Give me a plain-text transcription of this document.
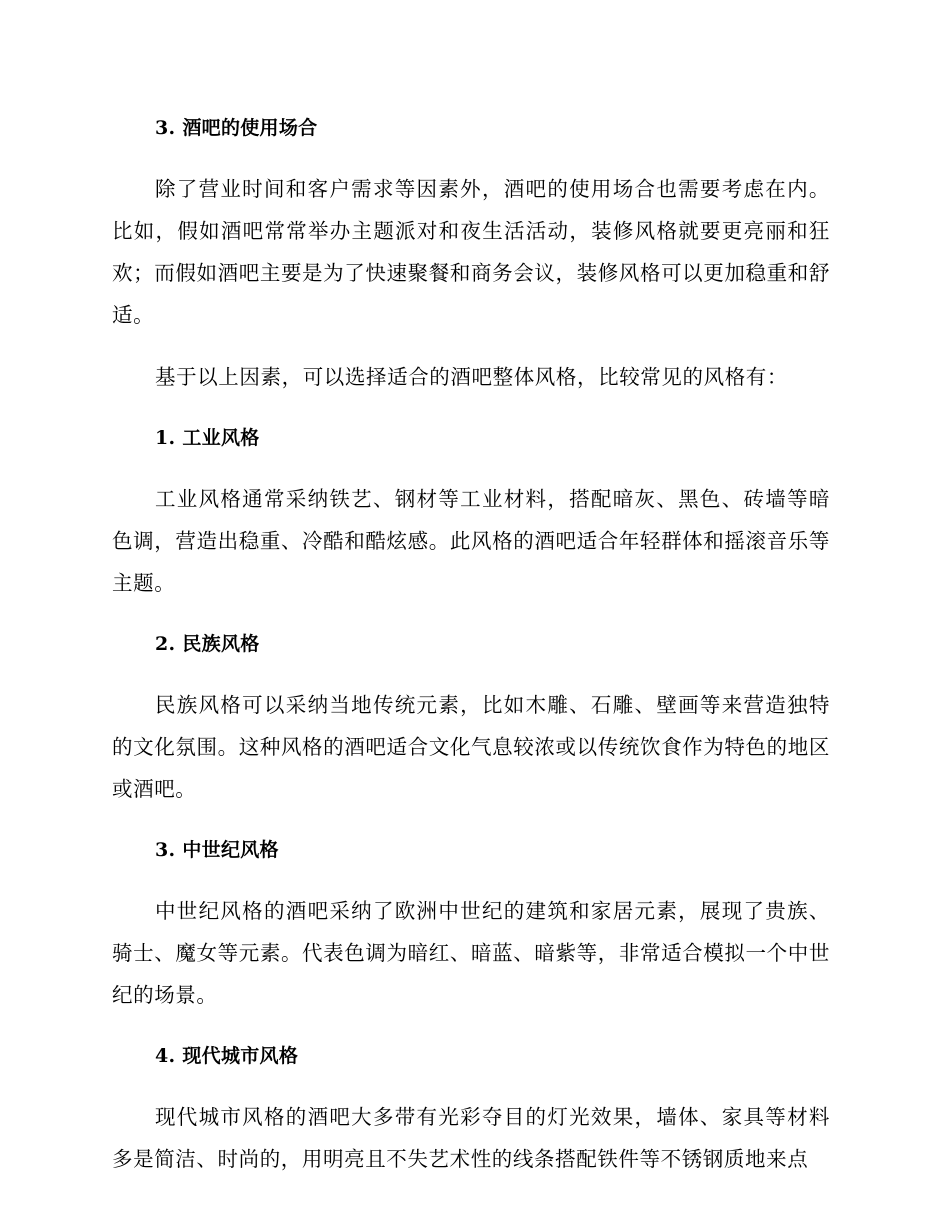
3. 酒吧的使用场合
除了营业时间和客户需求等因素外，酒吧的使用场合也需要考虑在内。比如，假如酒吧常常举办主题派对和夜生活活动，装修风格就要更亮丽和狂欢；而假如酒吧主要是为了快速聚餐和商务会议，装修风格可以更加稳重和舒适。
基于以上因素，可以选择适合的酒吧整体风格，比较常见的风格有：
1. 工业风格
工业风格通常采纳铁艺、钢材等工业材料，搭配暗灰、黑色、砖墙等暗色调，营造出稳重、冷酷和酷炫感。此风格的酒吧适合年轻群体和摇滚音乐等主题。
2. 民族风格
民族风格可以采纳当地传统元素，比如木雕、石雕、壁画等来营造独特的文化氛围。这种风格的酒吧适合文化气息较浓或以传统饮食作为特色的地区或酒吧。
3. 中世纪风格
中世纪风格的酒吧采纳了欧洲中世纪的建筑和家居元素，展现了贵族、骑士、魔女等元素。代表色调为暗红、暗蓝、暗紫等，非常适合模拟一个中世纪的场景。
4. 现代城市风格
现代城市风格的酒吧大多带有光彩夺目的灯光效果，墙体、家具等材料多是简洁、时尚的，用明亮且不失艺术性的线条搭配铁件等不锈钢质地来点
